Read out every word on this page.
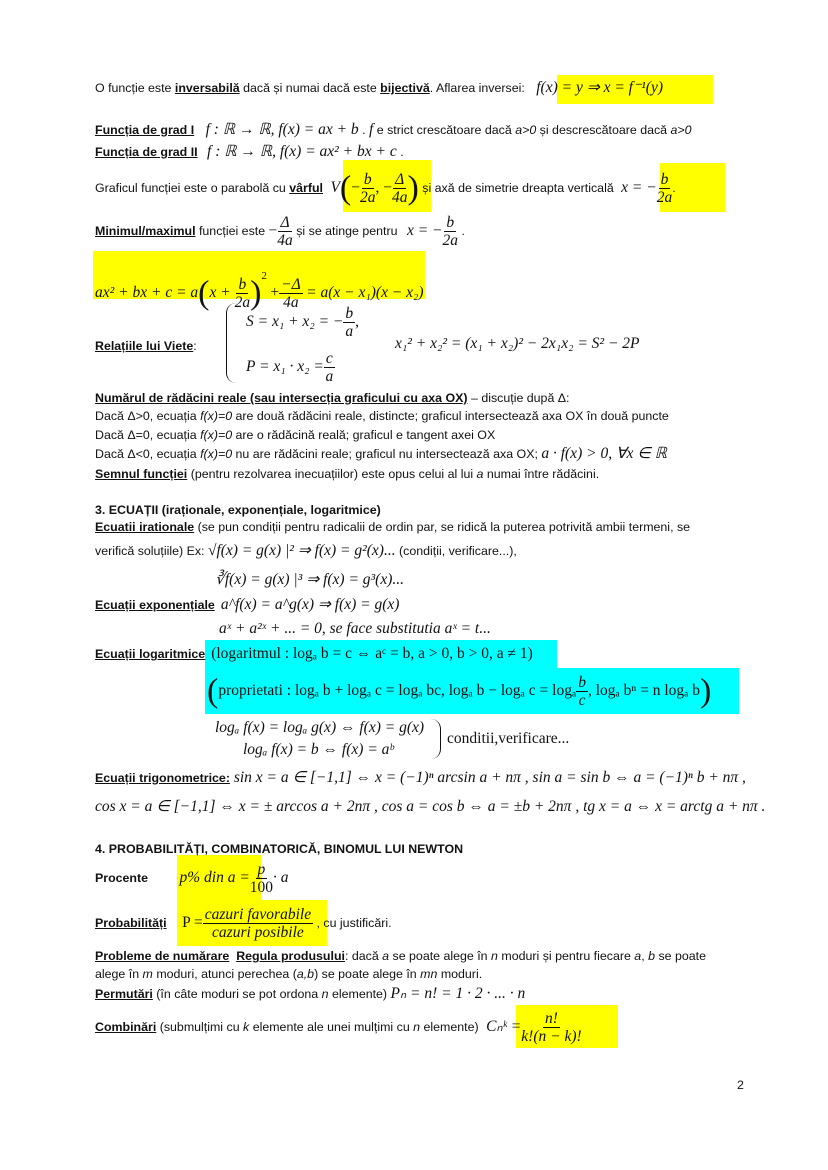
O funcție este inversabilă dacă și numai dacă este bijectivă. Aflarea inversei: f(x) = y ⇒ x = f⁻¹(y)
Funcția de grad I f : ℝ → ℝ, f(x) = ax + b . f e strict crescătoare dacă a>0 și descrescătoare dacă a>0
Funcția de grad II f : ℝ → ℝ, f(x) = ax² + bx + c .
Graficul funcției este o parabolă cu vârful $V(- \frac{b}{2a}$ , − $\frac{\Delta}{4a}$ ) și axă de simetrie dreapta verticală x = − $\frac{b}{2a}$ .
Minimul/maximul funcției este − $\frac{\Delta}{4a}$ și se atinge pentru x = − $\frac{b}{2a}$ .
ax² + bx + $c = a(x + \frac{b}{2a} )^2 + \frac{-\Delta}{4a} = a(x - x_1)(x - x_2)$
Relațiile lui Viete:
S = x₁ + x₂ = − $\frac{b}{a}$ ,
$P = x_1 \cdot x_2 = \frac{c}{a}$
x₁² + x₂² = (x₁ + x₂)² − 2x₁x₂ = S² − 2P
Numărul de rădăcini reale (sau intersecția graficului cu axa OX) – discuție după Δ:
Dacă Δ>0, ecuația f(x)=0 are două rădăcini reale, distincte; graficul intersectează axa OX în două puncte
Dacă Δ=0, ecuația f(x)=0 are o rădăcină reală; graficul e tangent axei OX
Dacă Δ<0, ecuația f(x)=0 nu are rădăcini reale; graficul nu intersectează axa OX; a · f(x) > 0, ∀x ∈ ℝ
Semnul funcției (pentru rezolvarea inecuațiilor) este opus celui al lui a numai între rădăcini.
3. ECUAȚII (iraționale, exponențiale, logaritmice)
Ecuatii irationale (se pun condiții pentru radicalii de ordin par, se ridică la puterea potrivită ambii termeni, se
verifică soluțiile) Ex: √f(x) = g(x) |² ⇒ f(x) = g²(x)... (condiții, verificare...),
∛f(x) = g(x) |³ ⇒ f(x) = g³(x)...
Ecuații exponențiale a^f(x) = a^g(x) ⇒ f(x) = g(x)
aˣ + a²ˣ + ... = 0, se face substitutia aˣ = t...
Ecuații logaritmice (logaritmul : logₐ b = c ⇔ aᶜ = b, a > 0, b > 0, a ≠ 1)
(proprietati : logₐ b + logₐ c = logₐ bc, logₐ b − logₐ c = logₐ $\frac{b}{c}$ , logₐ bⁿ = n logₐ b)
logₐ f(x) = logₐ g(x) ⇔ f(x) = g(x)
logₐ f(x) = b ⇔ f(x) = aᵇ
conditii,verificare...
Ecuații trigonometrice: sin x = a ∈ [−1,1] ⇔ x = (−1)ⁿ arcsin a + nπ , sin a = sin b ⇔ a = (−1)ⁿ b + nπ ,
cos x = a ∈ [−1,1] ⇔ x = ± arccos a + 2nπ , cos a = cos b ⇔ a = ±b + 2nπ , tg x = a ⇔ x = arctg a + nπ .
4. PROBABILITĂȚI, COMBINATORICĂ, BINOMUL LUI NEWTON
Procente p% din $a = \frac{p}{100} \cdot a$
Probabilități P = cazuri favorabile
cazuri posibile
, cu justificări.
Probleme de numărare Regula produsului: dacă a se poate alege în n moduri și pentru fiecare a, b se poate
alege în m moduri, atunci perechea (a,b) se poate alege în mn moduri.
Permutări (în câte moduri se pot ordona n elemente) Pₙ = n! = 1 · 2 · ... · n
Combinări (submulțimi cu k elemente ale unei mulțimi cu n elemente) Cₙᵏ = $\frac{n!}{k!(n - k)!}$
2
